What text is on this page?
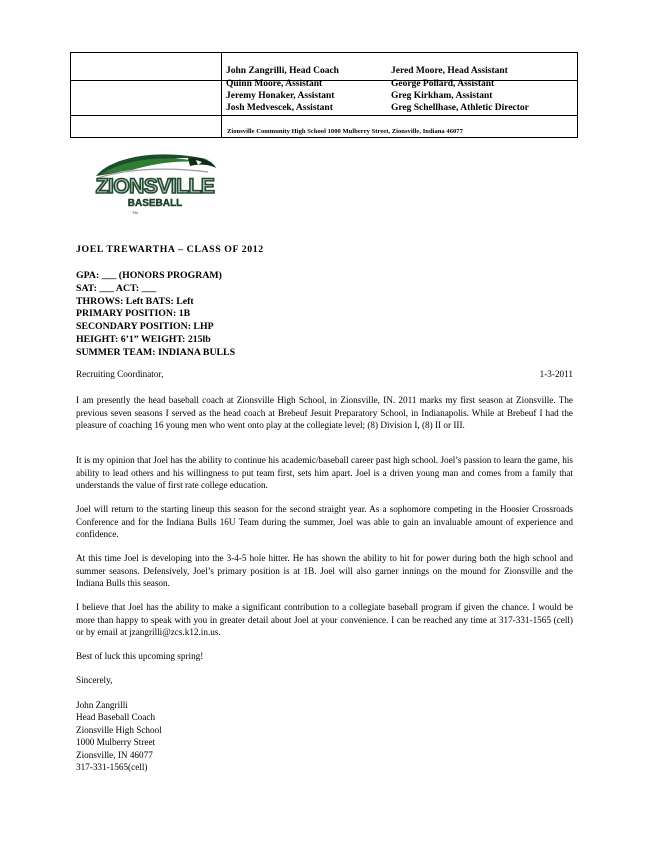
John Zangrilli, Head Coach	Jered Moore, Head Assistant
Quinn Moore, Assistant	George Pollard, Assistant
Jeremy Honaker, Assistant	Greg Kirkham, Assistant
Josh Medvescek, Assistant	Greg Schellhase, Athletic Director
Zionsville Community High School 1000 Mulberry Street, Zionsville, Indiana 46077
ZIONSVILLE
BASEBALL
TM
JOEL TREWARTHA – CLASS OF 2012
GPA: ___ (HONORS PROGRAM)
SAT: ___ ACT: ___
THROWS: Left BATS: Left
PRIMARY POSITION: 1B
SECONDARY POSITION: LHP
HEIGHT: 6’1” WEIGHT: 215lb
SUMMER TEAM: INDIANA BULLS
Recruiting Coordinator,	1-3-2011
I am presently the head baseball coach at Zionsville High School, in Zionsville, IN. 2011 marks my first season at Zionsville. The previous seven seasons I served as the head coach at Brebeuf Jesuit Preparatory School, in Indianapolis. While at Brebeuf I had the pleasure of coaching 16 young men who went onto play at the collegiate level; (8) Division I, (8) II or III.
It is my opinion that Joel has the ability to continue his academic/baseball career past high school. Joel’s passion to learn the game, his ability to lead others and his willingness to put team first, sets him apart. Joel is a driven young man and comes from a family that understands the value of first rate college education.
Joel will return to the starting lineup this season for the second straight year. As a sophomore competing in the Hoosier Crossroads Conference and for the Indiana Bulls 16U Team during the summer, Joel was able to gain an invaluable amount of experience and confidence.
At this time Joel is developing into the 3-4-5 hole hitter. He has shown the ability to hit for power during both the high school and summer seasons. Defensively, Joel’s primary position is at 1B. Joel will also garner innings on the mound for Zionsville and the Indiana Bulls this season.
I believe that Joel has the ability to make a significant contribution to a collegiate baseball program if given the chance. I would be more than happy to speak with you in greater detail about Joel at your convenience. I can be reached any time at 317-331-1565 (cell) or by email at jzangrilli@zcs.k12.in.us.
Best of luck this upcoming spring!
Sincerely,
John Zangrilli
Head Baseball Coach
Zionsville High School
1000 Mulberry Street
Zionsville, IN 46077
317-331-1565(cell)
